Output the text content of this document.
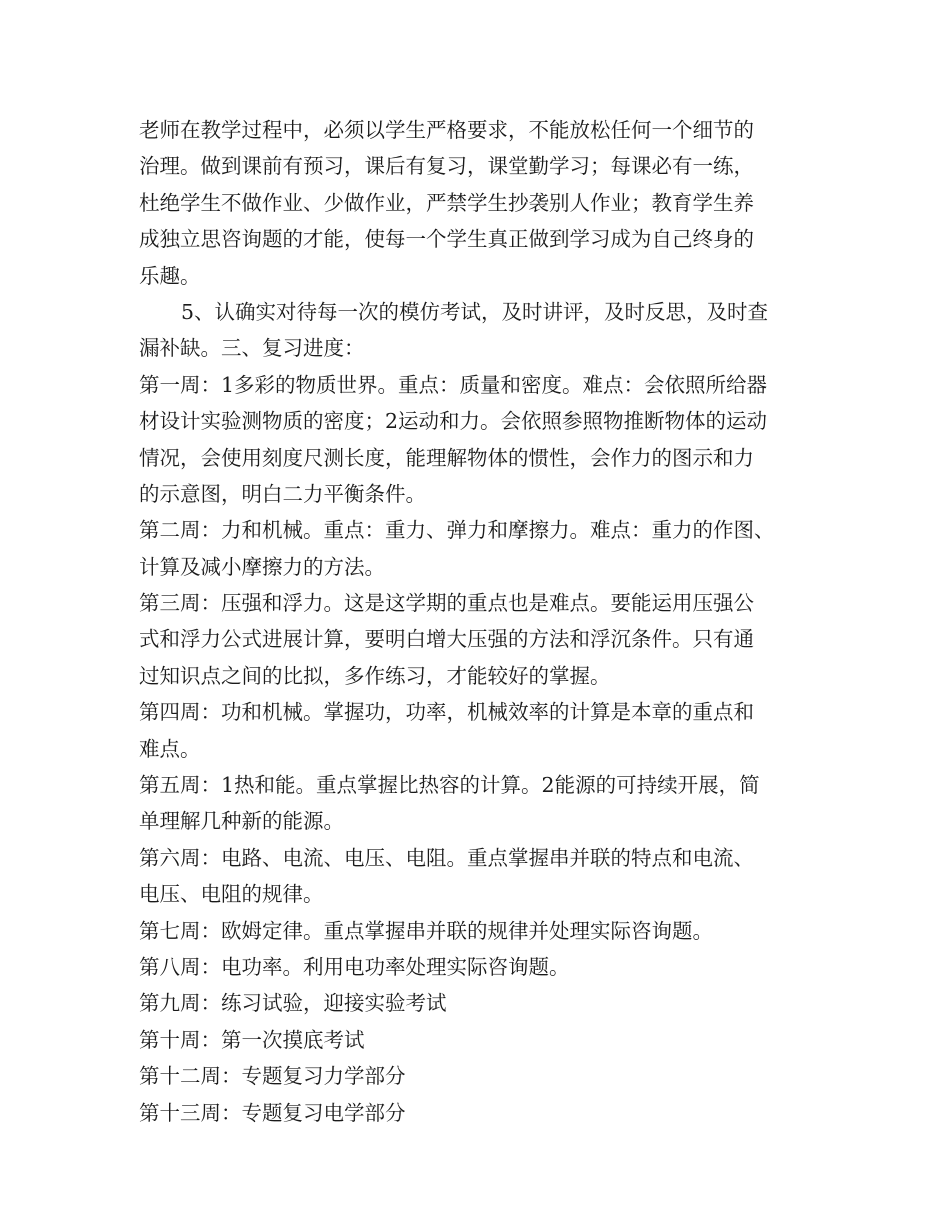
老师在教学过程中，必须以学生严格要求，不能放松任何一个细节的
治理。做到课前有预习，课后有复习，课堂勤学习；每课必有一练，
杜绝学生不做作业、少做作业，严禁学生抄袭别人作业；教育学生养
成独立思咨询题的才能，使每一个学生真正做到学习成为自己终身的
乐趣。
5、认确实对待每一次的模仿考试，及时讲评，及时反思，及时查
漏补缺。三、复习进度：
第一周：1多彩的物质世界。重点：质量和密度。难点：会依照所给器
材设计实验测物质的密度；2运动和力。会依照参照物推断物体的运动
情况，会使用刻度尺测长度，能理解物体的惯性，会作力的图示和力
的示意图，明白二力平衡条件。
第二周：力和机械。重点：重力、弹力和摩擦力。难点：重力的作图、
计算及减小摩擦力的方法。
第三周：压强和浮力。这是这学期的重点也是难点。要能运用压强公
式和浮力公式进展计算，要明白增大压强的方法和浮沉条件。只有通
过知识点之间的比拟，多作练习，才能较好的掌握。
第四周：功和机械。掌握功，功率，机械效率的计算是本章的重点和
难点。
第五周：1热和能。重点掌握比热容的计算。2能源的可持续开展，简
单理解几种新的能源。
第六周：电路、电流、电压、电阻。重点掌握串并联的特点和电流、
电压、电阻的规律。
第七周：欧姆定律。重点掌握串并联的规律并处理实际咨询题。
第八周：电功率。利用电功率处理实际咨询题。
第九周：练习试验，迎接实验考试
第十周：第一次摸底考试
第十二周：专题复习力学部分
第十三周：专题复习电学部分
